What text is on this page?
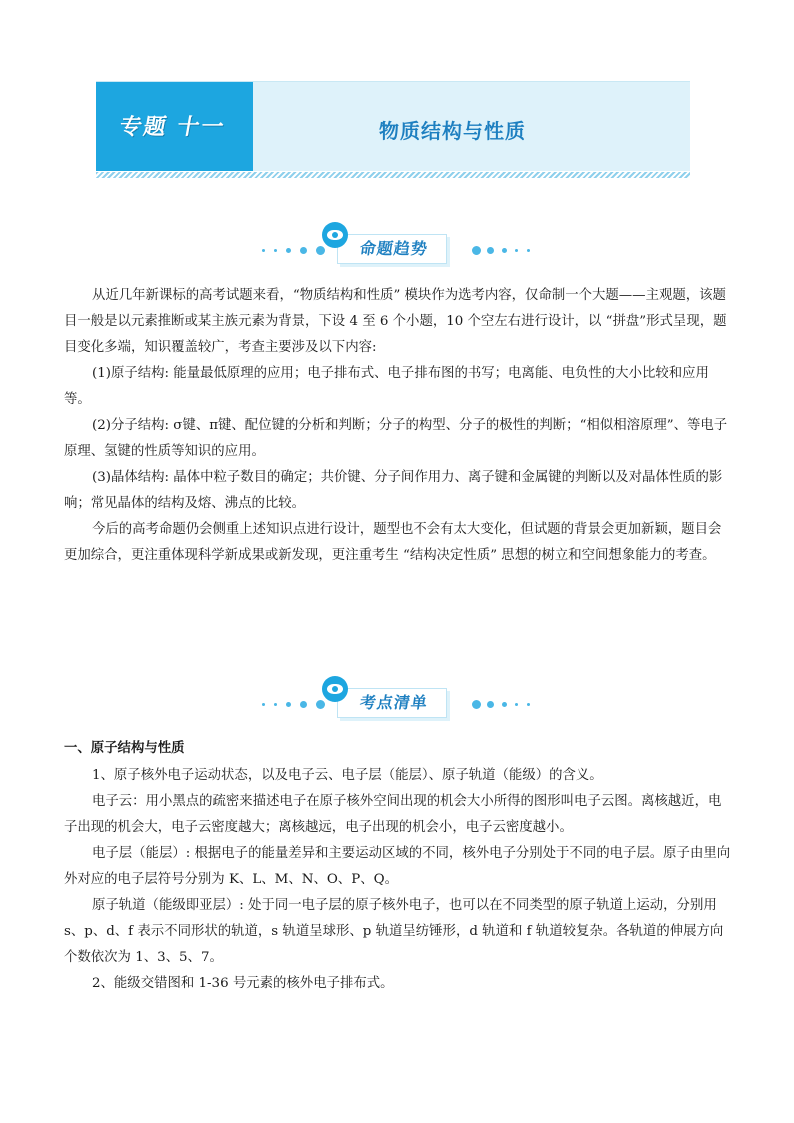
专题 十一	物质结构与性质
命题趋势

从近几年新课标的高考试题来看，“物质结构和性质” 模块作为选考内容，仅命制一个大题——主观题，该题目一般是以元素推断或某主族元素为背景，下设 4 至 6 个小题，10 个空左右进行设计，以 “拼盘”形式呈现，题目变化多端，知识覆盖较广，考查主要涉及以下内容:

(1)原子结构: 能量最低原理的应用；电子排布式、电子排布图的书写；电离能、电负性的大小比较和应用等。

(2)分子结构: σ键、π键、配位键的分析和判断；分子的构型、分子的极性的判断；“相似相溶原理”、等电子原理、氢键的性质等知识的应用。

(3)晶体结构: 晶体中粒子数目的确定；共价键、分子间作用力、离子键和金属键的判断以及对晶体性质的影响；常见晶体的结构及熔、沸点的比较。

今后的高考命题仍会侧重上述知识点进行设计，题型也不会有太大变化，但试题的背景会更加新颖，题目会更加综合，更注重体现科学新成果或新发现，更注重考生 “结构决定性质” 思想的树立和空间想象能力的考查。

考点清单
一、原子结构与性质

1、原子核外电子运动状态，以及电子云、电子层（能层）、原子轨道（能级）的含义。

电子云：用小黑点的疏密来描述电子在原子核外空间出现的机会大小所得的图形叫电子云图。离核越近，电子出现的机会大，电子云密度越大；离核越远，电子出现的机会小，电子云密度越小。

电子层（能层）: 根据电子的能量差异和主要运动区域的不同，核外电子分别处于不同的电子层。原子由里向外对应的电子层符号分别为 K、L、M、N、O、P、Q。

原子轨道（能级即亚层）: 处于同一电子层的原子核外电子，也可以在不同类型的原子轨道上运动，分别用 s、p、d、f 表示不同形状的轨道，s 轨道呈球形、p 轨道呈纺锤形，d 轨道和 f 轨道较复杂。各轨道的伸展方向个数依次为 1、3、5、7。

2、能级交错图和 1-36 号元素的核外电子排布式。
